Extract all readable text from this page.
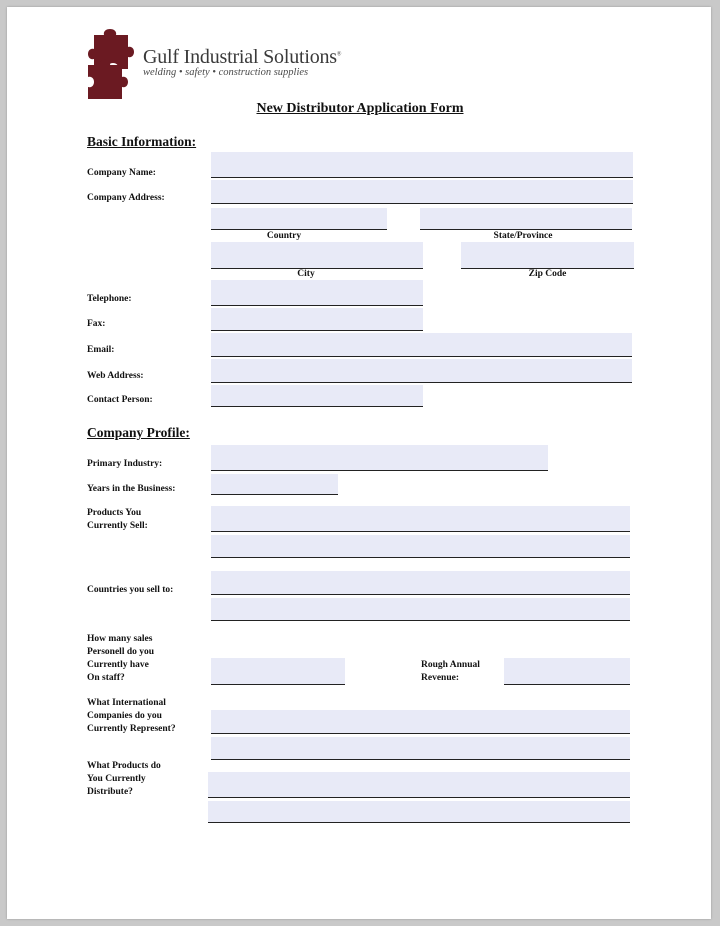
Gulf Industrial Solutions®
welding • safety • construction supplies
New Distributor Application Form
Basic Information:
Company Name:
Company Address:
Country	State/Province
City	Zip Code
Telephone:
Fax:
Email:
Web Address:
Contact Person:
Company Profile:
Primary Industry:
Years in the Business:
Products You
Currently Sell:
Countries you sell to:
How many sales
Personell do you
Currently have
On staff?
Rough Annual
Revenue:
What International
Companies do you
Currently Represent?
What Products do
You Currently
Distribute?
